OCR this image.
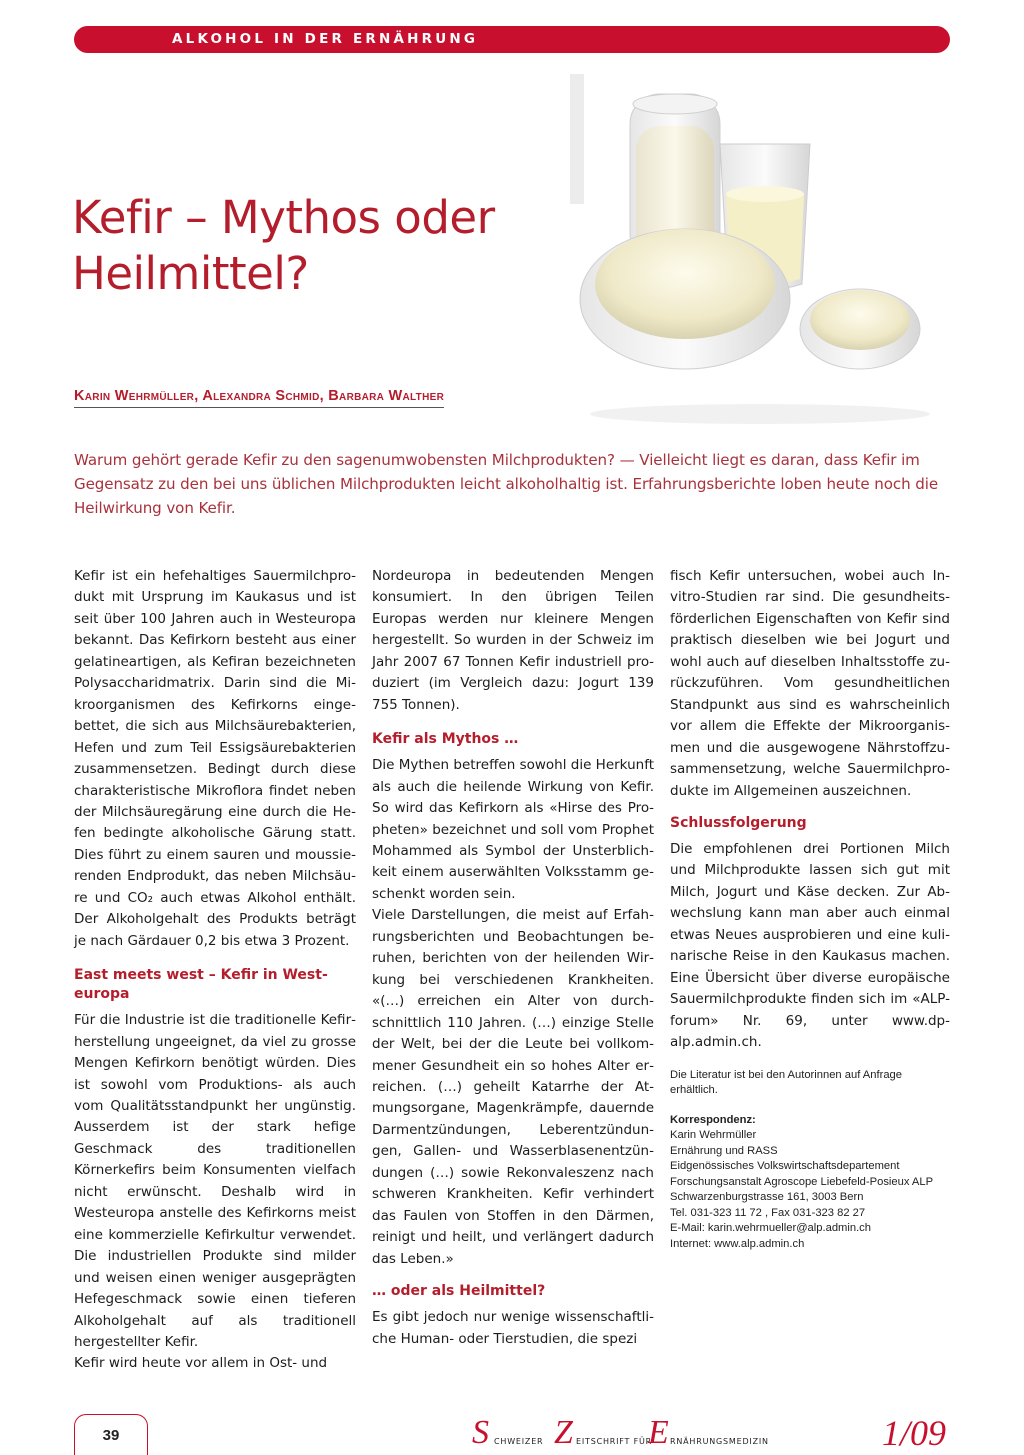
ALKOHOL IN DER ERNÄHRUNG
Kefir – Mythos oder
Heilmittel?

Karin Wehrmüller, Alexandra Schmid, Barbara Walther

Warum gehört gerade Kefir zu den sagenumwobensten Milchprodukten? — Vielleicht liegt es daran, dass Kefir im Gegensatz zu den bei uns üblichen Milchprodukten leicht alkoholhaltig ist. Erfahrungsberichte loben heute noch die Heilwirkung von Kefir.

Kefir ist ein hefehaltiges Sauermilchprodukt mit Ursprung im Kaukasus und ist seit über 100 Jahren auch in Westeuropa bekannt. Das Kefirkorn besteht aus einer gelatineartigen, als Kefiran bezeichneten Polysaccharidmatrix. Darin sind die Mikroorganismen des Kefirkorns eingebettet, die sich aus Milchsäurebakterien, Hefen und zum Teil Essigsäurebakterien zusammensetzen. Bedingt durch diese charakteristische Mikroflora findet neben der Milchsäuregärung eine durch die Hefen bedingte alkoholische Gärung statt. Dies führt zu einem sauren und moussierenden Endprodukt, das neben Milchsäure und CO₂ auch etwas Alkohol enthält. Der Alkoholgehalt des Produkts beträgt je nach Gärdauer 0,2 bis etwa 3 Prozent.

East meets west – Kefir in Westeuropa

Für die Industrie ist die traditionelle Kefirherstellung ungeeignet, da viel zu grosse Mengen Kefirkorn benötigt würden. Dies ist sowohl vom Produktions- als auch vom Qualitätsstandpunkt her ungünstig. Ausserdem ist der stark hefige Geschmack des traditionellen Körnerkefirs beim Konsumenten vielfach nicht erwünscht. Deshalb wird in Westeuropa anstelle des Kefirkorns meist eine kommerzielle Kefirkultur verwendet. Die industriellen Produkte sind milder und weisen einen weniger ausgeprägten Hefegeschmack sowie einen tieferen Alkoholgehalt auf als traditionell hergestellter Kefir.

Kefir wird heute vor allem in Ost- und

Nordeuropa in bedeutenden Mengen konsumiert. In den übrigen Teilen Europas werden nur kleinere Mengen hergestellt. So wurden in der Schweiz im Jahr 2007 67 Tonnen Kefir industriell produziert (im Vergleich dazu: Jogurt 139 755 Tonnen).

Kefir als Mythos …

Die Mythen betreffen sowohl die Herkunft als auch die heilende Wirkung von Kefir. So wird das Kefirkorn als «Hirse des Propheten» bezeichnet und soll vom Prophet Mohammed als Symbol der Unsterblichkeit einem auserwählten Volksstamm geschenkt worden sein.

Viele Darstellungen, die meist auf Erfahrungsberichten und Beobachtungen beruhen, berichten von der heilenden Wirkung bei verschiedenen Krankheiten. «(…) erreichen ein Alter von durchschnittlich 110 Jahren. (…) einzige Stelle der Welt, bei der die Leute bei vollkommener Gesundheit ein so hohes Alter erreichen. (…) geheilt Katarrhe der Atmungsorgane, Magenkrämpfe, dauernde Darmentzündungen, Leberentzündungen, Gallen- und Wasserblasenentzündungen (…) sowie Rekonvaleszenz nach schweren Krankheiten. Kefir verhindert das Faulen von Stoffen in den Därmen, reinigt und heilt, und verlängert dadurch das Leben.»

… oder als Heilmittel?

Es gibt jedoch nur wenige wissenschaftliche Human- oder Tierstudien, die spezi

fisch Kefir untersuchen, wobei auch In-vitro-Studien rar sind. Die gesundheitsförderlichen Eigenschaften von Kefir sind praktisch dieselben wie bei Jogurt und wohl auch auf dieselben Inhaltsstoffe zurückzuführen. Vom gesundheitlichen Standpunkt aus sind es wahrscheinlich vor allem die Effekte der Mikroorganismen und die ausgewogene Nährstoffzusammensetzung, welche Sauermilchprodukte im Allgemeinen auszeichnen.

Schlussfolgerung

Die empfohlenen drei Portionen Milch und Milchprodukte lassen sich gut mit Milch, Jogurt und Käse decken. Zur Abwechslung kann man aber auch einmal etwas Neues ausprobieren und eine kulinarische Reise in den Kaukasus machen. Eine Übersicht über diverse europäische Sauermilchprodukte finden sich im «ALP-forum» Nr. 69, unter www.dp-alp.admin.ch.

Die Literatur ist bei den Autorinnen auf Anfrage erhältlich.

Korrespondenz:

Karin Wehrmüller

Ernährung und RASS

Eidgenössisches Volkswirtschaftsdepartement

Forschungsanstalt Agroscope Liebefeld-Posieux ALP

Schwarzenburgstrasse 161, 3003 Bern

Tel. 031-323 11 72 , Fax 031-323 82 27

E-Mail: karin.wehrmueller@alp.admin.ch

Internet: www.alp.admin.ch

39	S CHWEIZER Z EITSCHRIFT FÜR
E RNÄHRUNGSMEDIZIN	1/09
